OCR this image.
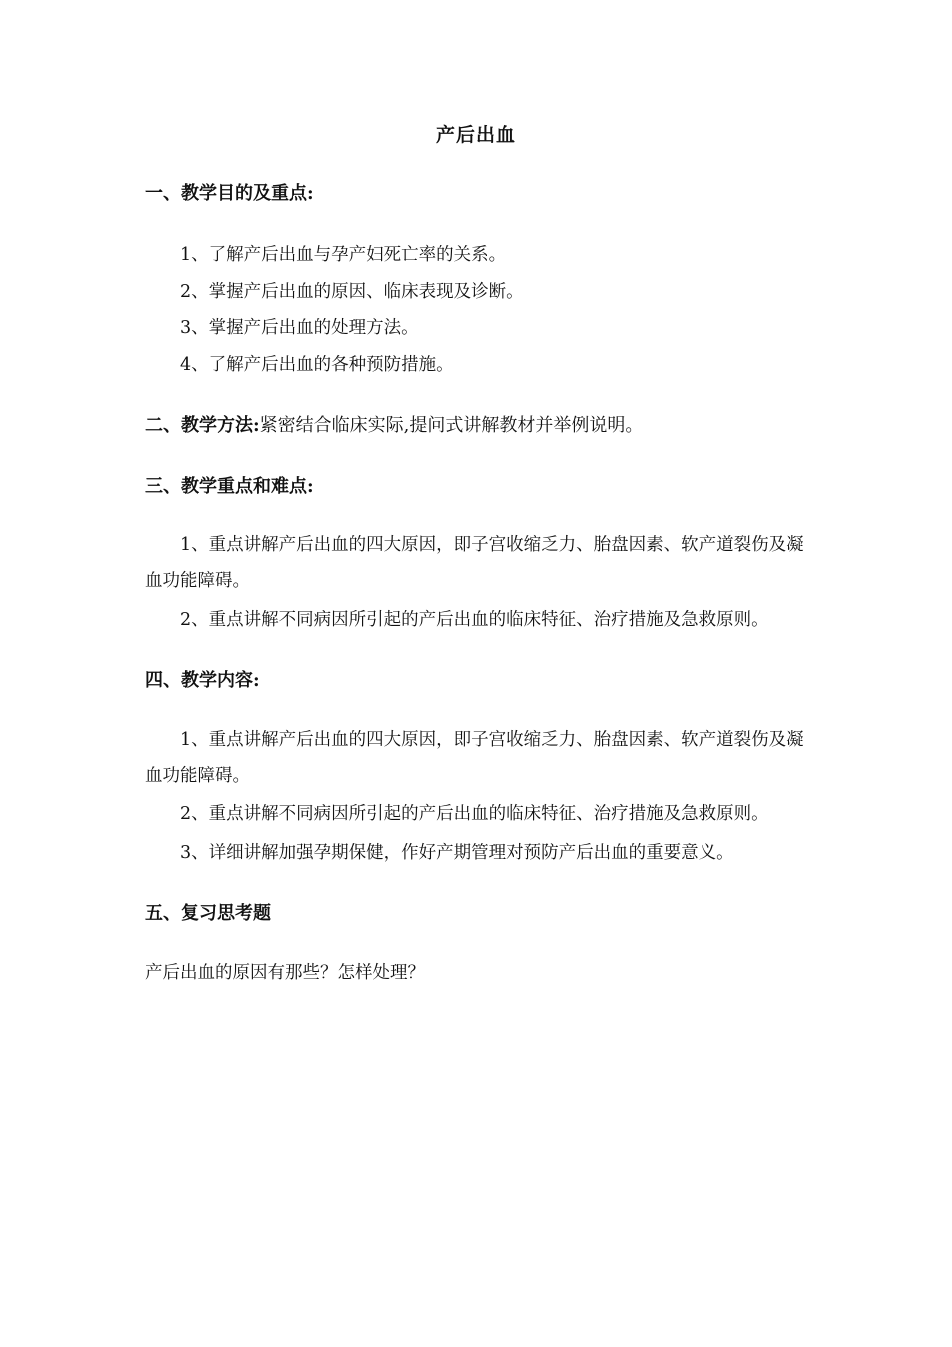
产后出血
一、教学目的及重点:
1、了解产后出血与孕产妇死亡率的关系。
2、掌握产后出血的原因、临床表现及诊断。
3、掌握产后出血的处理方法。
4、了解产后出血的各种预防措施。
二、教学方法:紧密结合临床实际,提问式讲解教材并举例说明。
三、教学重点和难点:
1、重点讲解产后出血的四大原因，即子宫收缩乏力、胎盘因素、软产道裂伤及凝血功能障碍。
2、重点讲解不同病因所引起的产后出血的临床特征、治疗措施及急救原则。
四、教学内容:
1、重点讲解产后出血的四大原因，即子宫收缩乏力、胎盘因素、软产道裂伤及凝血功能障碍。
2、重点讲解不同病因所引起的产后出血的临床特征、治疗措施及急救原则。
3、详细讲解加强孕期保健，作好产期管理对预防产后出血的重要意义。
五、复习思考题
产后出血的原因有那些？怎样处理？
